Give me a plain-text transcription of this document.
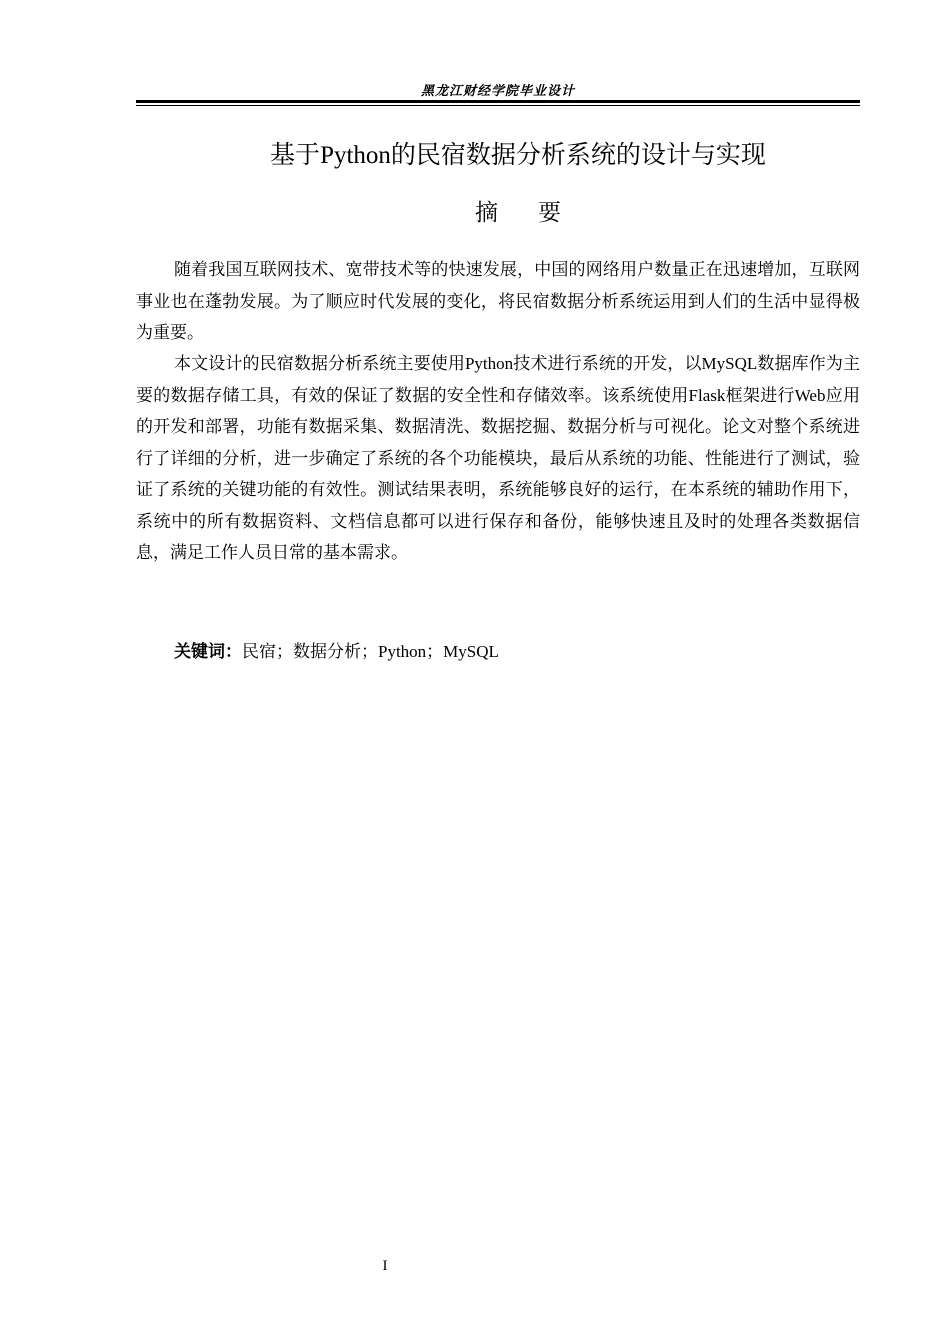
黑龙江财经学院毕业设计
基于Python的民宿数据分析系统的设计与实现
摘要

随着我国互联网技术、宽带技术等的快速发展，中国的网络用户数量正在迅速增加，互联网事业也在蓬勃发展。为了顺应时代发展的变化，将民宿数据分析系统运用到人们的生活中显得极为重要。

本文设计的民宿数据分析系统主要使用Python技术进行系统的开发，以MySQL数据库作为主要的数据存储工具，有效的保证了数据的安全性和存储效率。该系统使用Flask框架进行Web应用的开发和部署，功能有数据采集、数据清洗、数据挖掘、数据分析与可视化。论文对整个系统进行了详细的分析，进一步确定了系统的各个功能模块，最后从系统的功能、性能进行了测试，验证了系统的关键功能的有效性。测试结果表明，系统能够良好的运行，在本系统的辅助作用下，系统中的所有数据资料、文档信息都可以进行保存和备份，能够快速且及时的处理各类数据信息，满足工作人员日常的基本需求。

关键词：民宿；数据分析；Python；MySQL
I
